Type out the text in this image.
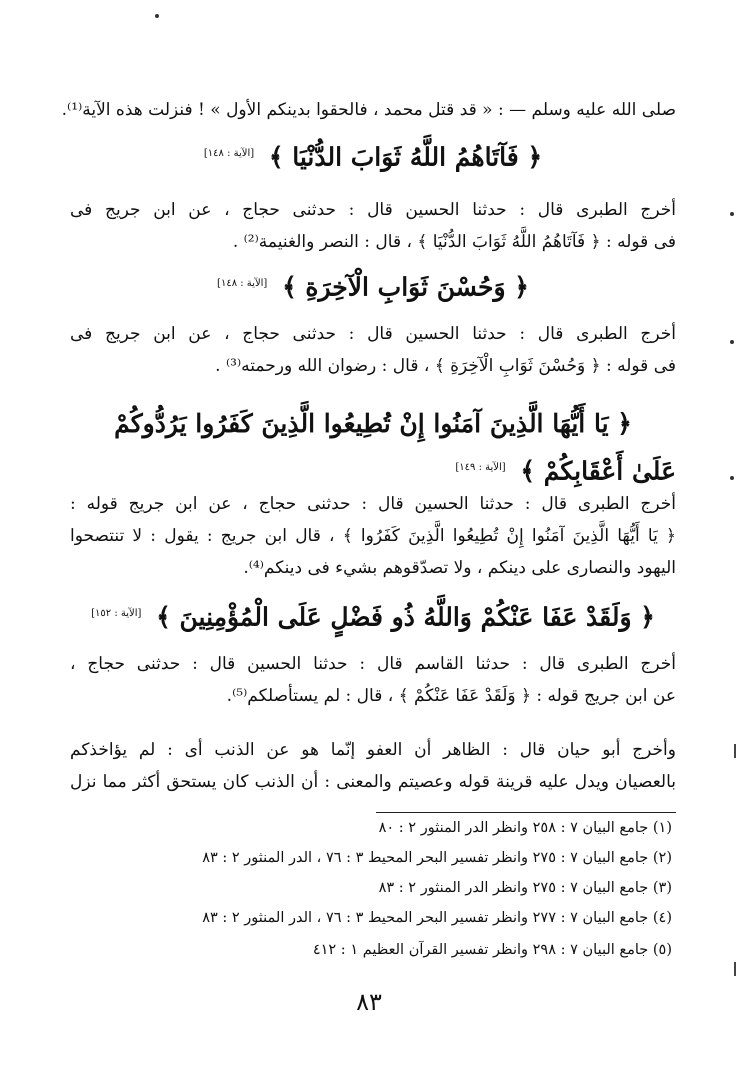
صلى الله عليه وسلم — : « قد قتل محمد ، فالحقوا بدينكم الأول » ! فنزلت هذه الآية⁽¹⁾.
﴿ فَآتَاهُمُ اللَّهُ ثَوَابَ الدُّنْيَا ﴾ [الآية : ١٤٨]
أخرج الطبرى قال : حدثنا الحسين قال : حدثنى حجاج ، عن ابن جريج فى
فى قوله : ﴿ فَآتَاهُمُ اللَّهُ ثَوَابَ الدُّنْيَا ﴾ ، قال : النصر والغنيمة⁽²⁾ .
﴿ وَحُسْنَ ثَوَابِ الْآخِرَةِ ﴾ [الآية : ١٤٨]
أخرج الطبرى قال : حدثنا الحسين قال : حدثنى حجاج ، عن ابن جريج فى
فى قوله : ﴿ وَحُسْنَ ثَوَابِ الْآخِرَةِ ﴾ ، قال : رضوان الله ورحمته⁽³⁾ .
﴿ يَا أَيُّهَا الَّذِينَ آمَنُوا إِنْ تُطِيعُوا الَّذِينَ كَفَرُوا يَرُدُّوكُمْ
عَلَىٰ أَعْقَابِكُمْ ﴾ [الآية : ١٤٩]
أخرج الطبرى قال : حدثنا الحسين قال : حدثنى حجاج ، عن ابن جريج قوله :
﴿ يَا أَيُّهَا الَّذِينَ آمَنُوا إِنْ تُطِيعُوا الَّذِينَ كَفَرُوا ﴾ ، قال ابن جريج : يقول : لا تنتصحوا
اليهود والنصارى على دينكم ، ولا تصدّقوهم بشيء فى دينكم⁽⁴⁾.
﴿ وَلَقَدْ عَفَا عَنْكُمْ وَاللَّهُ ذُو فَضْلٍ عَلَى الْمُؤْمِنِينَ ﴾ [الآية : ١٥٢]
أخرج الطبرى قال : حدثنا القاسم قال : حدثنا الحسين قال : حدثنى حجاج ،
عن ابن جريج قوله : ﴿ وَلَقَدْ عَفَا عَنْكُمْ ﴾ ، قال : لم يستأصلكم⁽⁵⁾.
وأخرج أبو حيان قال : الظاهر أن العفو إنّما هو عن الذنب أى : لم يؤاخذكم
بالعصيان ويدل عليه قرينة قوله وعصيتم والمعنى : أن الذنب كان يستحق أكثر مما نزل
(١) جامع البيان ٧ : ٢٥٨ وانظر الدر المنثور ٢ : ٨٠
(٢) جامع البيان ٧ : ٢٧٥ وانظر تفسير البحر المحيط ٣ : ٧٦ ، الدر المنثور ٢ : ٨٣
(٣) جامع البيان ٧ : ٢٧٥ وانظر الدر المنثور ٢ : ٨٣
(٤) جامع البيان ٧ : ٢٧٧ وانظر تفسير البحر المحيط ٣ : ٧٦ ، الدر المنثور ٢ : ٨٣
(٥) جامع البيان ٧ : ٢٩٨ وانظر تفسير القرآن العظيم ١ : ٤١٢
٨٣
